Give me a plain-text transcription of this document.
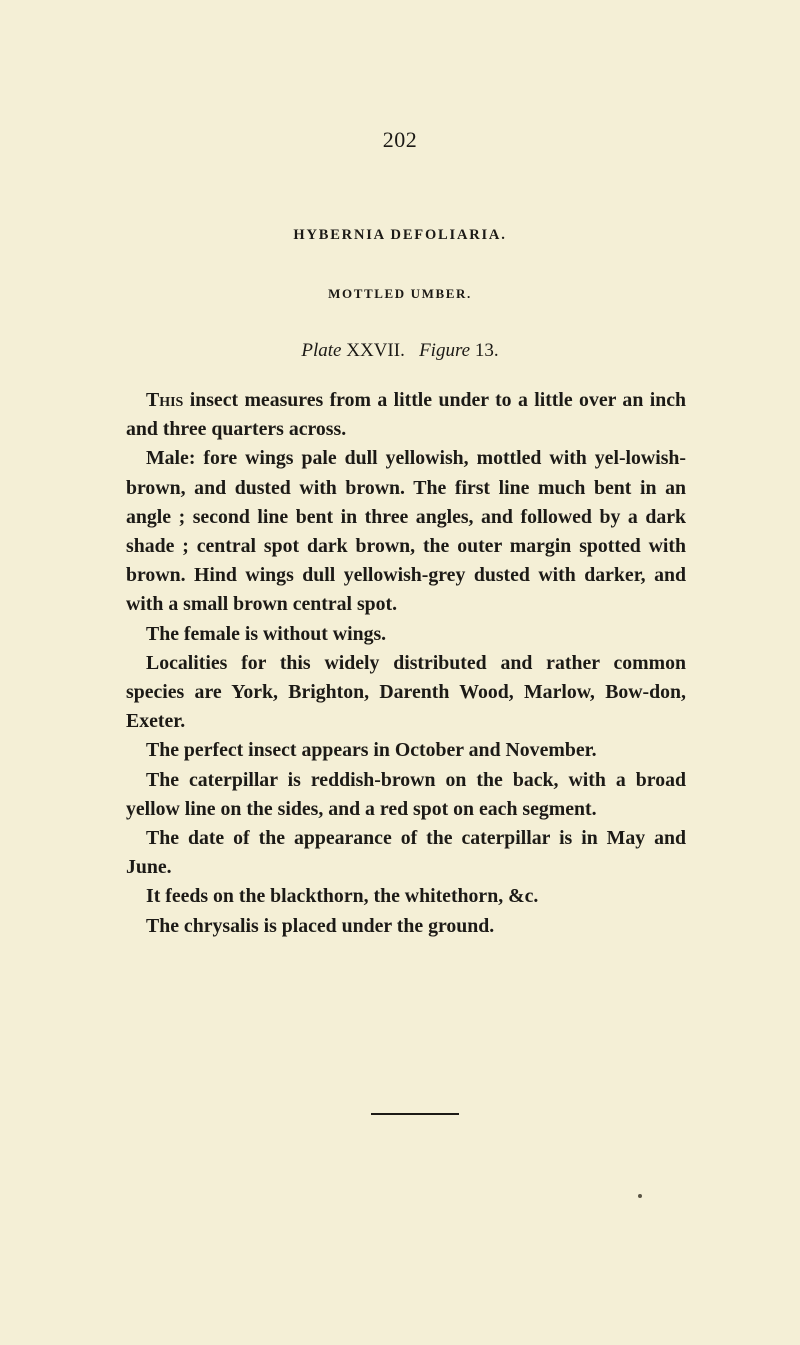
202
HYBERNIA DEFOLIARIA.
MOTTLED UMBER.
Plate XXVII. Figure 13.

This insect measures from a little under to a little over an inch and three quarters across.

Male: fore wings pale dull yellowish, mottled with yel-lowish-brown, and dusted with brown. The first line much bent in an angle ; second line bent in three angles, and followed by a dark shade ; central spot dark brown, the outer margin spotted with brown. Hind wings dull yellowish-grey dusted with darker, and with a small brown central spot.

The female is without wings.

Localities for this widely distributed and rather common species are York, Brighton, Darenth Wood, Marlow, Bow-don, Exeter.

The perfect insect appears in October and November.

The caterpillar is reddish-brown on the back, with a broad yellow line on the sides, and a red spot on each segment.

The date of the appearance of the caterpillar is in May and June.

It feeds on the blackthorn, the whitethorn, &c.

The chrysalis is placed under the ground.
